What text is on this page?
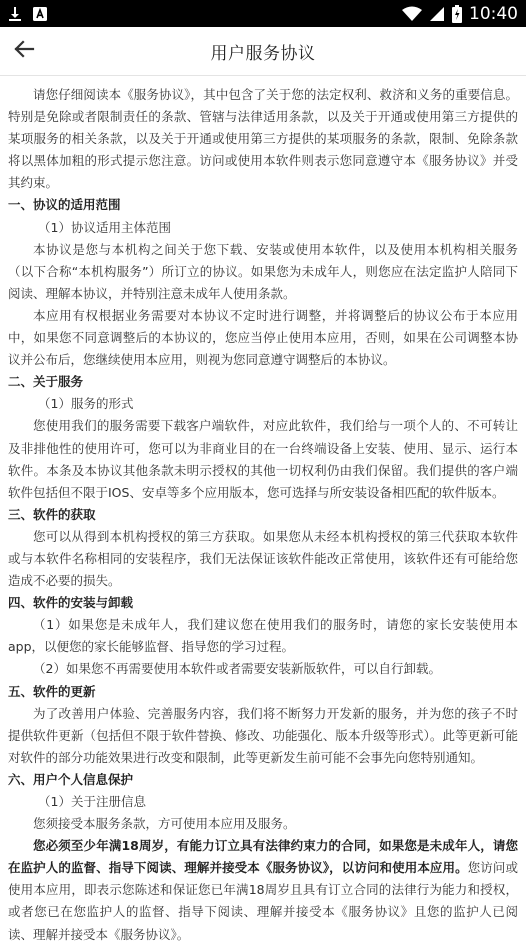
10:40
用户服务协议

请您仔细阅读本《服务协议》，其中包含了关于您的法定权利、救济和义务的重要信息。特别是免除或者限制责任的条款、管辖与法律适用条款，以及关于开通或使用第三方提供的某项服务的相关条款，以及关于开通或使用第三方提供的某项服务的条款，限制、免除条款将以黑体加粗的形式提示您注意。访问或使用本软件则表示您同意遵守本《服务协议》并受其约束。

一、协议的适用范围

（1）协议适用主体范围

本协议是您与本机构之间关于您下载、安装或使用本软件，以及使用本机构相关服务（以下合称“本机构服务”）所订立的协议。如果您为未成年人，则您应在法定监护人陪同下阅读、理解本协议，并特别注意未成年人使用条款。

本应用有权根据业务需要对本协议不定时进行调整，并将调整后的协议公布于本应用中，如果您不同意调整后的本协议的，您应当停止使用本应用，否则，如果在公司调整本协议并公布后，您继续使用本应用，则视为您同意遵守调整后的本协议。

二、关于服务

（1）服务的形式

您使用我们的服务需要下载客户端软件，对应此软件，我们给与一项个人的、不可转让及非排他性的使用许可，您可以为非商业目的在一台终端设备上安装、使用、显示、运行本软件。本条及本协议其他条款未明示授权的其他一切权利仍由我们保留。我们提供的客户端软件包括但不限于IOS、安卓等多个应用版本，您可选择与所安装设备相匹配的软件版本。

三、软件的获取

您可以从得到本机构授权的第三方获取。如果您从未经本机构授权的第三代获取本软件或与本软件名称相同的安装程序，我们无法保证该软件能改正常使用，该软件还有可能给您造成不必要的损失。

四、软件的安装与卸载

（1）如果您是未成年人，我们建议您在使用我们的服务时，请您的家长安装使用本app，以便您的家长能够监督、指导您的学习过程。

（2）如果您不再需要使用本软件或者需要安装新版软件，可以自行卸载。

五、软件的更新

为了改善用户体验、完善服务内容，我们将不断努力开发新的服务，并为您的孩子不时提供软件更新（包括但不限于软件替换、修改、功能强化、版本升级等形式）。此等更新可能对软件的部分功能效果进行改变和限制，此等更新发生前可能不会事先向您特别通知。

六、用户个人信息保护

（1）关于注册信息

您须接受本服务条款，方可使用本应用及服务。

您必须至少年满18周岁，有能力订立具有法律约束力的合同，如果您是未成年人，请您在监护人的监督、指导下阅读、理解并接受本《服务协议》，以访问和使用本应用。您访问或使用本应用，即表示您陈述和保证您已年满18周岁且具有订立合同的法律行为能力和授权，或者您已在您监护人的监督、指导下阅读、理解并接受本《服务协议》且您的监护人已阅读、理解并接受本《服务协议》。
